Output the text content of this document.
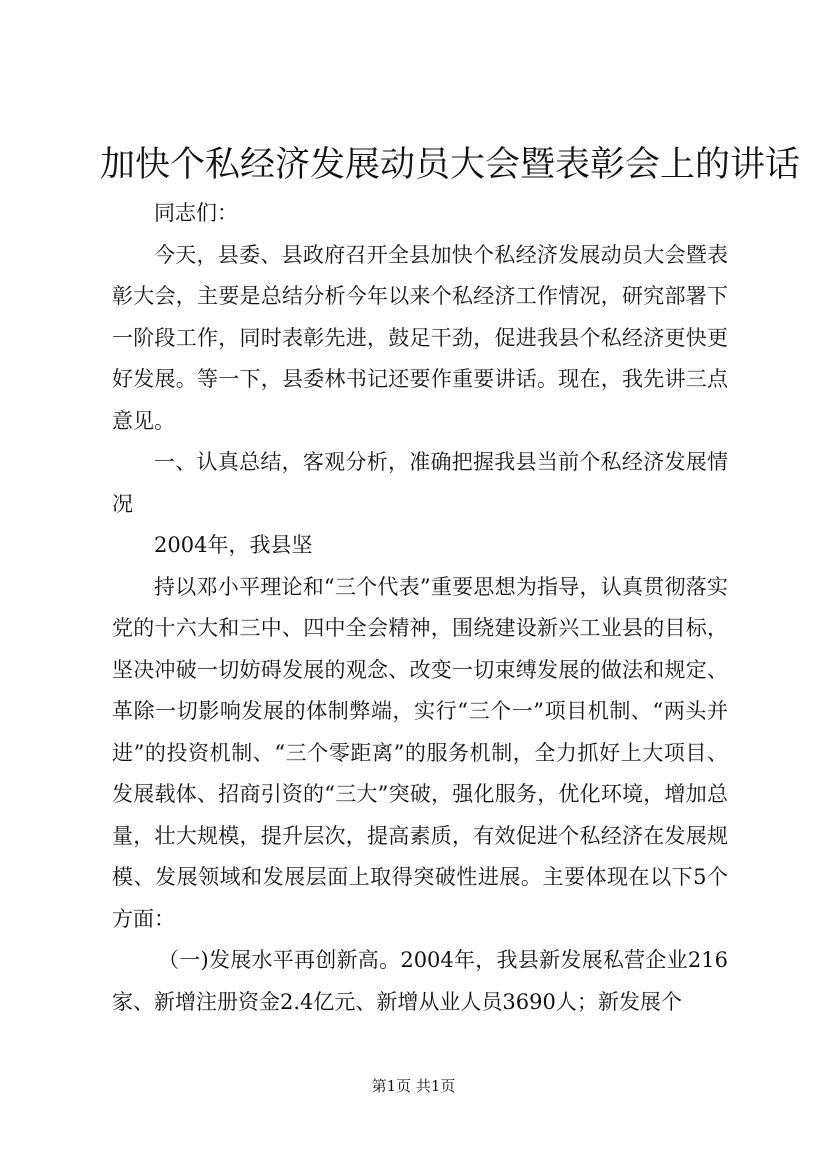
加快个私经济发展动员大会暨表彰会上的讲话

同志们：

今天，县委、县政府召开全县加快个私经济发展动员大会暨表彰大会，主要是总结分析今年以来个私经济工作情况，研究部署下一阶段工作，同时表彰先进，鼓足干劲，促进我县个私经济更快更好发展。等一下，县委林书记还要作重要讲话。现在，我先讲三点意见。

一、认真总结，客观分析，准确把握我县当前个私经济发展情况

2004年，我县坚

持以邓小平理论和“三个代表”重要思想为指导，认真贯彻落实党的十六大和三中、四中全会精神，围绕建设新兴工业县的目标，坚决冲破一切妨碍发展的观念、改变一切束缚发展的做法和规定、革除一切影响发展的体制弊端，实行“三个一”项目机制、“两头并进”的投资机制、“三个零距离”的服务机制，全力抓好上大项目、发展载体、招商引资的“三大”突破，强化服务，优化环境，增加总量，壮大规模，提升层次，提高素质，有效促进个私经济在发展规模、发展领域和发展层面上取得突破性进展。主要体现在以下5个方面：

（一)发展水平再创新高。2004年，我县新发展私营企业216家、新增注册资金2.4亿元、新增从业人员3690人；新发展个

第1页 共1页
